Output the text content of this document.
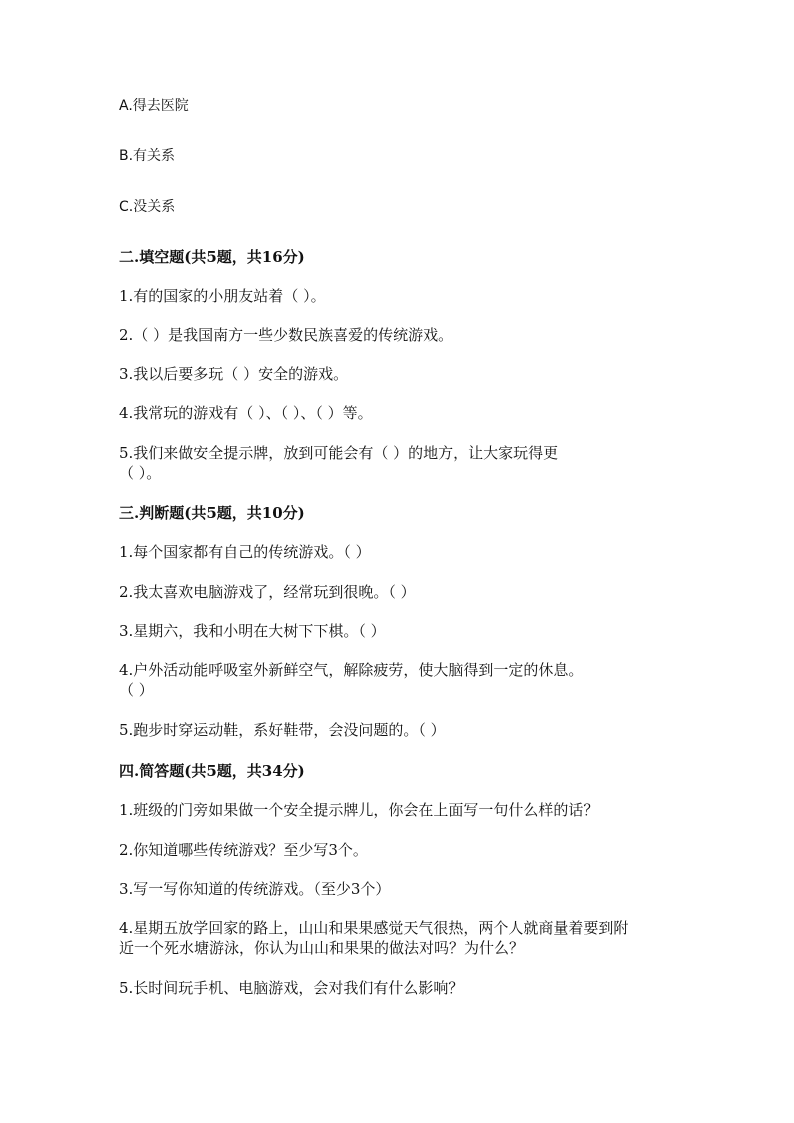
A.得去医院
B.有关系
C.没关系
二.填空题(共5题，共16分)
1.有的国家的小朋友站着（ ）。
2.（ ）是我国南方一些少数民族喜爱的传统游戏。
3.我以后要多玩（ ）安全的游戏。
4.我常玩的游戏有（ ）、（ ）、（ ）等。
5.我们来做安全提示牌，放到可能会有（ ）的地方，让大家玩得更
（ ）。
三.判断题(共5题，共10分)
1.每个国家都有自己的传统游戏。（ ）
2.我太喜欢电脑游戏了，经常玩到很晚。（ ）
3.星期六，我和小明在大树下下棋。（ ）
4.户外活动能呼吸室外新鲜空气，解除疲劳，使大脑得到一定的休息。
（ ）
5.跑步时穿运动鞋，系好鞋带，会没问题的。（ ）
四.简答题(共5题，共34分)
1.班级的门旁如果做一个安全提示牌儿，你会在上面写一句什么样的话？
2.你知道哪些传统游戏？至少写3个。
3.写一写你知道的传统游戏。（至少3个）
4.星期五放学回家的路上，山山和果果感觉天气很热，两个人就商量着要到附
近一个死水塘游泳，你认为山山和果果的做法对吗？为什么？
5.长时间玩手机、电脑游戏，会对我们有什么影响？
